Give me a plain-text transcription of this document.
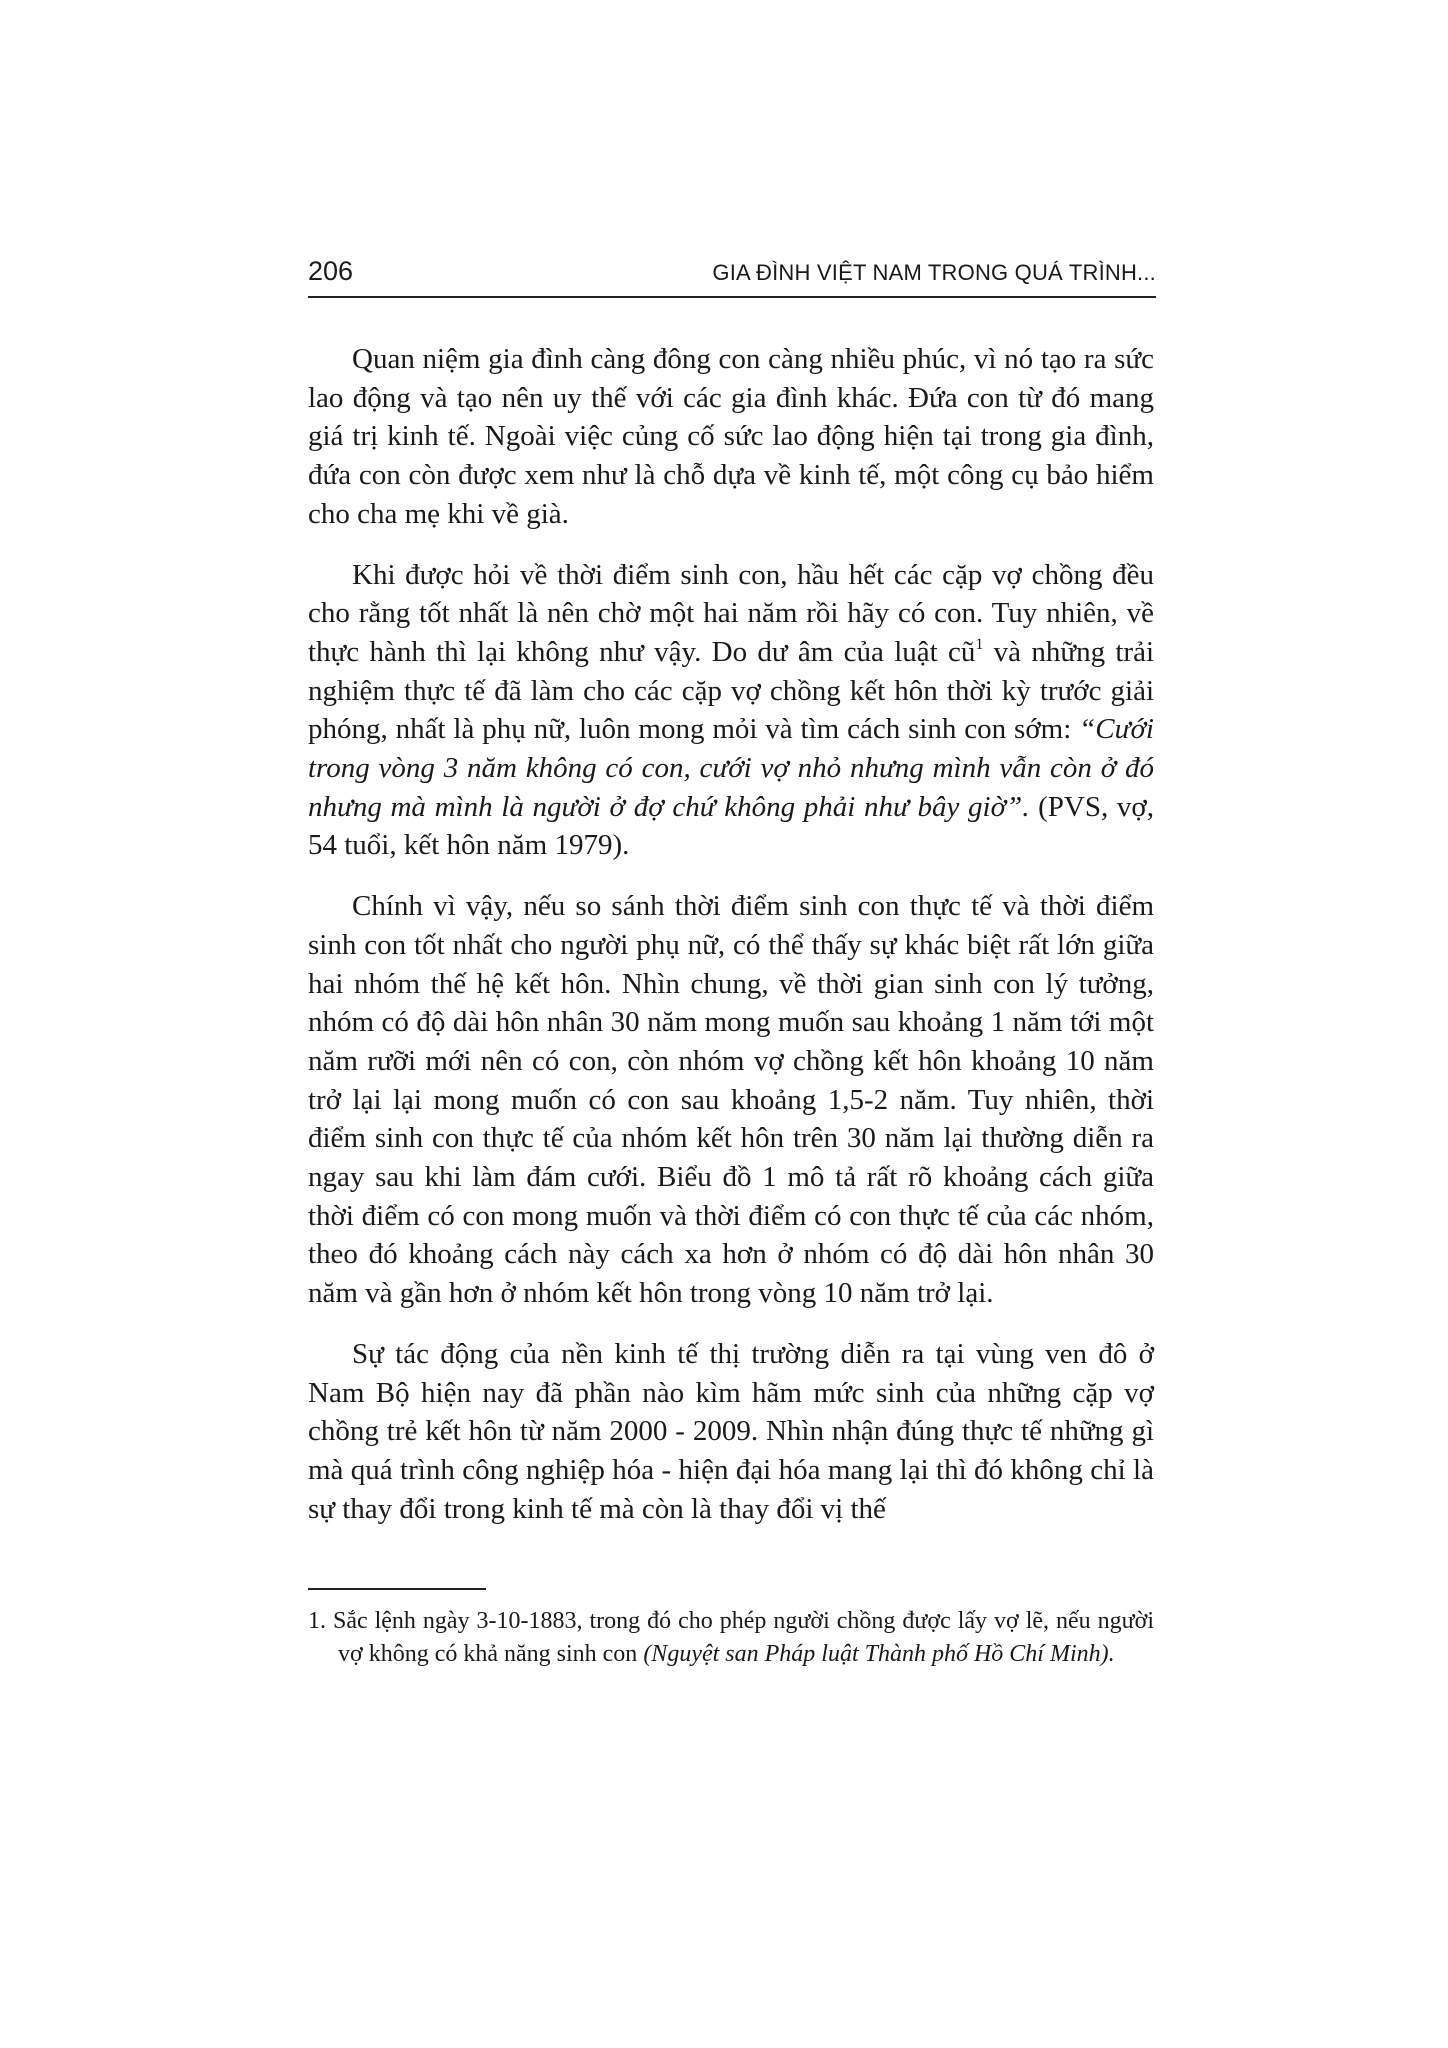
206	GIA ĐÌNH VIỆT NAM TRONG QUÁ TRÌNH...

Quan niệm gia đình càng đông con càng nhiều phúc, vì nó tạo ra sức lao động và tạo nên uy thế với các gia đình khác. Đứa con từ đó mang giá trị kinh tế. Ngoài việc củng cố sức lao động hiện tại trong gia đình, đứa con còn được xem như là chỗ dựa về kinh tế, một công cụ bảo hiểm cho cha mẹ khi về già.

Khi được hỏi về thời điểm sinh con, hầu hết các cặp vợ chồng đều cho rằng tốt nhất là nên chờ một hai năm rồi hãy có con. Tuy nhiên, về thực hành thì lại không như vậy. Do dư âm của luật $cũ^1$ và những trải nghiệm thực tế đã làm cho các cặp vợ chồng kết hôn thời kỳ trước giải phóng, nhất là phụ nữ, luôn mong mỏi và tìm cách sinh con sớm: “Cưới trong vòng 3 năm không có con, cưới vợ nhỏ nhưng mình vẫn còn ở đó nhưng mà mình là người ở đợ chứ không phải như bây giờ”. (PVS, vợ, 54 tuổi, kết hôn năm 1979).

Chính vì vậy, nếu so sánh thời điểm sinh con thực tế và thời điểm sinh con tốt nhất cho người phụ nữ, có thể thấy sự khác biệt rất lớn giữa hai nhóm thế hệ kết hôn. Nhìn chung, về thời gian sinh con lý tưởng, nhóm có độ dài hôn nhân 30 năm mong muốn sau khoảng 1 năm tới một năm rưỡi mới nên có con, còn nhóm vợ chồng kết hôn khoảng 10 năm trở lại lại mong muốn có con sau khoảng 1,5-2 năm. Tuy nhiên, thời điểm sinh con thực tế của nhóm kết hôn trên 30 năm lại thường diễn ra ngay sau khi làm đám cưới. Biểu đồ 1 mô tả rất rõ khoảng cách giữa thời điểm có con mong muốn và thời điểm có con thực tế của các nhóm, theo đó khoảng cách này cách xa hơn ở nhóm có độ dài hôn nhân 30 năm và gần hơn ở nhóm kết hôn trong vòng 10 năm trở lại.

Sự tác động của nền kinh tế thị trường diễn ra tại vùng ven đô ở Nam Bộ hiện nay đã phần nào kìm hãm mức sinh của những cặp vợ chồng trẻ kết hôn từ năm 2000 - 2009. Nhìn nhận đúng thực tế những gì mà quá trình công nghiệp hóa - hiện đại hóa mang lại thì đó không chỉ là sự thay đổi trong kinh tế mà còn là thay đổi vị thế

1. Sắc lệnh ngày 3-10-1883, trong đó cho phép người chồng được lấy vợ lẽ, nếu người vợ không có khả năng sinh con (Nguyệt san Pháp luật Thành phố Hồ Chí Minh).
